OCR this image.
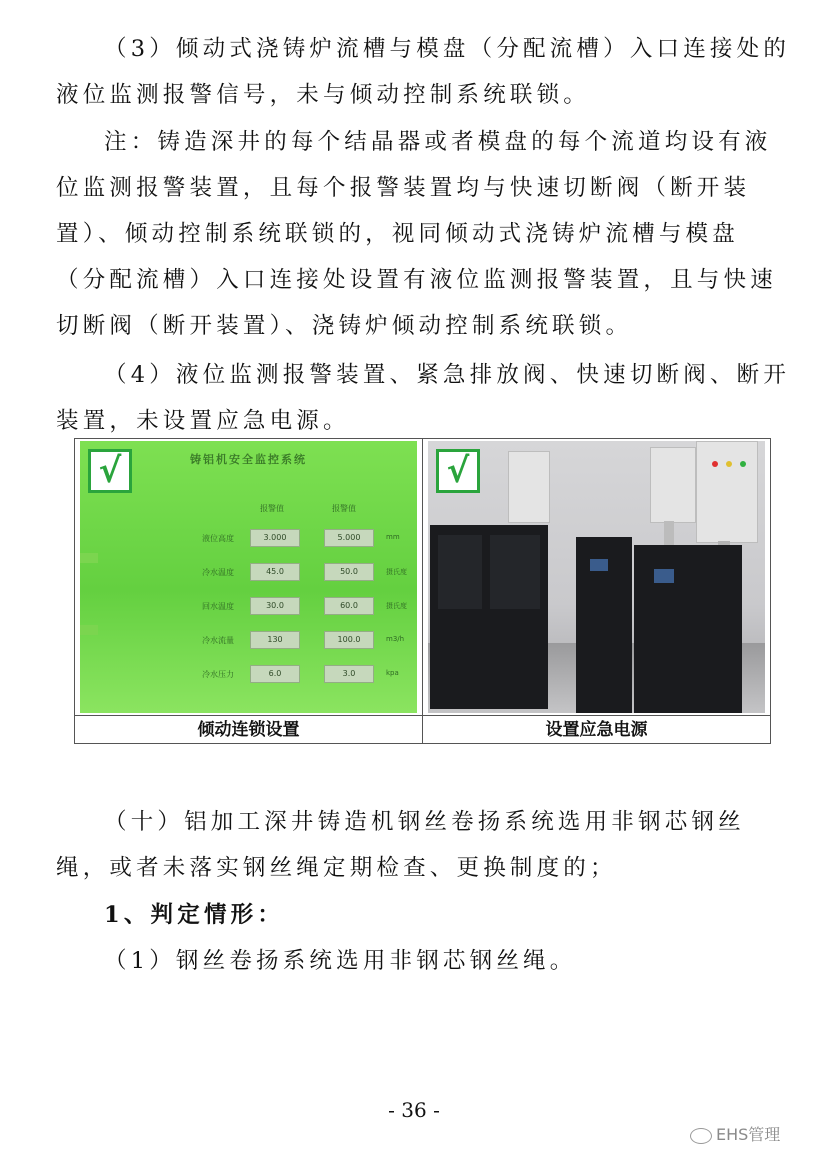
（3）倾动式浇铸炉流槽与模盘（分配流槽）入口连接处的液位监测报警信号，未与倾动控制系统联锁。

注：铸造深井的每个结晶器或者模盘的每个流道均设有液位监测报警装置，且每个报警装置均与快速切断阀（断开装置）、倾动控制系统联锁的，视同倾动式浇铸炉流槽与模盘（分配流槽）入口连接处设置有液位监测报警装置，且与快速切断阀（断开装置）、浇铸炉倾动控制系统联锁。

（4）液位监测报警装置、紧急排放阀、快速切断阀、断开装置，未设置应急电源。

铸铝机安全监控系统
报警值	报警值

液位高度	3.000	5.000	mm
冷水温度	45.0	50.0	摄氏度
回水温度	30.0	60.0	摄氏度
冷水流量	130	100.0	m3/h
冷水压力	6.0	3.0	kpa
√
倾动连锁设置
√
设置应急电源

（十）铝加工深井铸造机钢丝卷扬系统选用非钢芯钢丝绳，或者未落实钢丝绳定期检查、更换制度的；

1、判定情形：

（1）钢丝卷扬系统选用非钢芯钢丝绳。

- 36 -
EHS管理
